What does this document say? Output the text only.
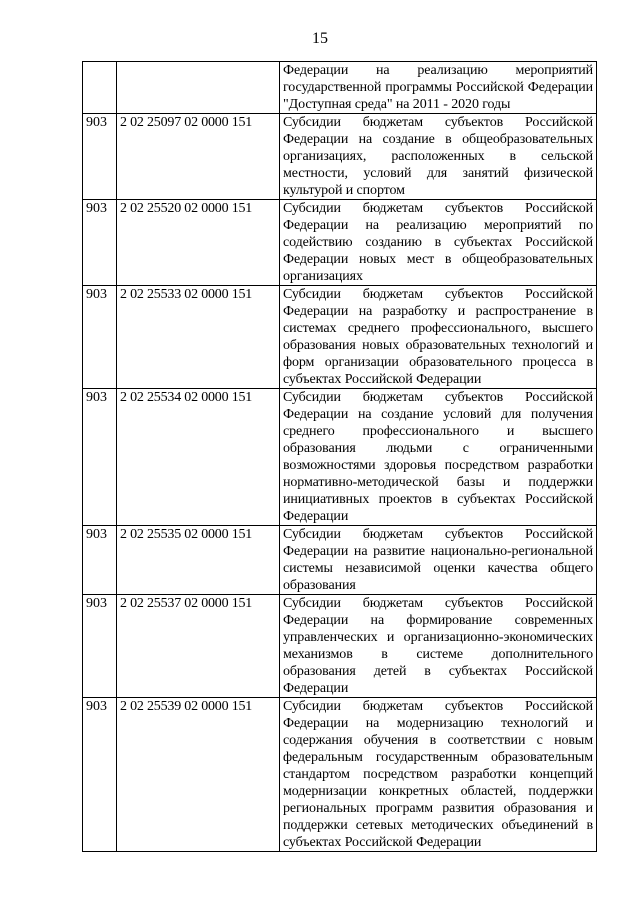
15
		Федерации на реализацию мероприятий государственной программы Российской Федерации "Доступная среда" на 2011 - 2020 годы
903	2 02 25097 02 0000 151	Субсидии бюджетам субъектов Российской Федерации на создание в общеобразовательных организациях, расположенных в сельской местности, условий для занятий физической культурой и спортом
903	2 02 25520 02 0000 151	Субсидии бюджетам субъектов Российской Федерации на реализацию мероприятий по содействию созданию в субъектах Российской Федерации новых мест в общеобразовательных организациях
903	2 02 25533 02 0000 151	Субсидии бюджетам субъектов Российской Федерации на разработку и распространение в системах среднего профессионального, высшего образования новых образовательных технологий и форм организации образовательного процесса в субъектах Российской Федерации
903	2 02 25534 02 0000 151	Субсидии бюджетам субъектов Российской Федерации на создание условий для получения среднего профессионального и высшего образования людьми с ограниченными возможностями здоровья посредством разработки нормативно-методической базы и поддержки инициативных проектов в субъектах Российской Федерации
903	2 02 25535 02 0000 151	Субсидии бюджетам субъектов Российской Федерации на развитие национально-региональной системы независимой оценки качества общего образования
903	2 02 25537 02 0000 151	Субсидии бюджетам субъектов Российской Федерации на формирование современных управленческих и организационно-экономических механизмов в системе дополнительного образования детей в субъектах Российской Федерации
903	2 02 25539 02 0000 151	Субсидии бюджетам субъектов Российской Федерации на модернизацию технологий и содержания обучения в соответствии с новым федеральным государственным образовательным стандартом посредством разработки концепций модернизации конкретных областей, поддержки региональных программ развития образования и поддержки сетевых методических объединений в субъектах Российской Федерации
